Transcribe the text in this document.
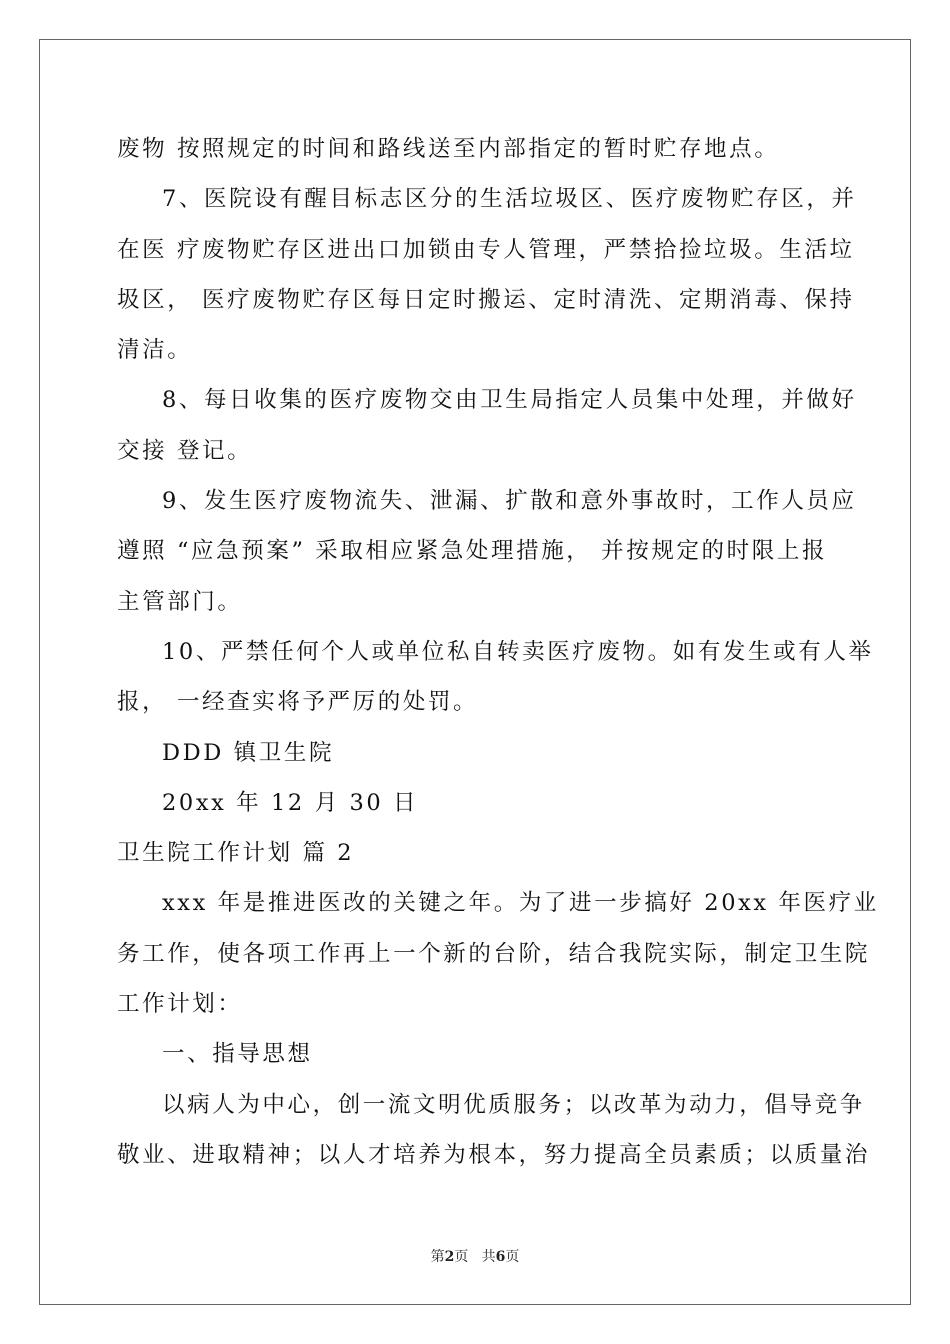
废物 按照规定的时间和路线送至内部指定的暂时贮存地点。
7、医院设有醒目标志区分的生活垃圾区、医疗废物贮存区，并
在医 疗废物贮存区进出口加锁由专人管理，严禁拾捡垃圾。生活垃
圾区， 医疗废物贮存区每日定时搬运、定时清洗、定期消毒、保持
清洁。
8、每日收集的医疗废物交由卫生局指定人员集中处理，并做好
交接 登记。
9、发生医疗废物流失、泄漏、扩散和意外事故时，工作人员应
遵照 “应急预案” 采取相应紧急处理措施， 并按规定的时限上报
主管部门。
10、严禁任何个人或单位私自转卖医疗废物。如有发生或有人举
报， 一经查实将予严厉的处罚。
DDD 镇卫生院
20xx 年 12 月 30 日
卫生院工作计划 篇 2
xxx 年是推进医改的关键之年。为了进一步搞好 20xx 年医疗业
务工作，使各项工作再上一个新的台阶，结合我院实际，制定卫生院
工作计划：
一、指导思想
以病人为中心，创一流文明优质服务；以改革为动力，倡导竞争
敬业、进取精神；以人才培养为根本，努力提高全员素质；以质量治
第2页 共6页
